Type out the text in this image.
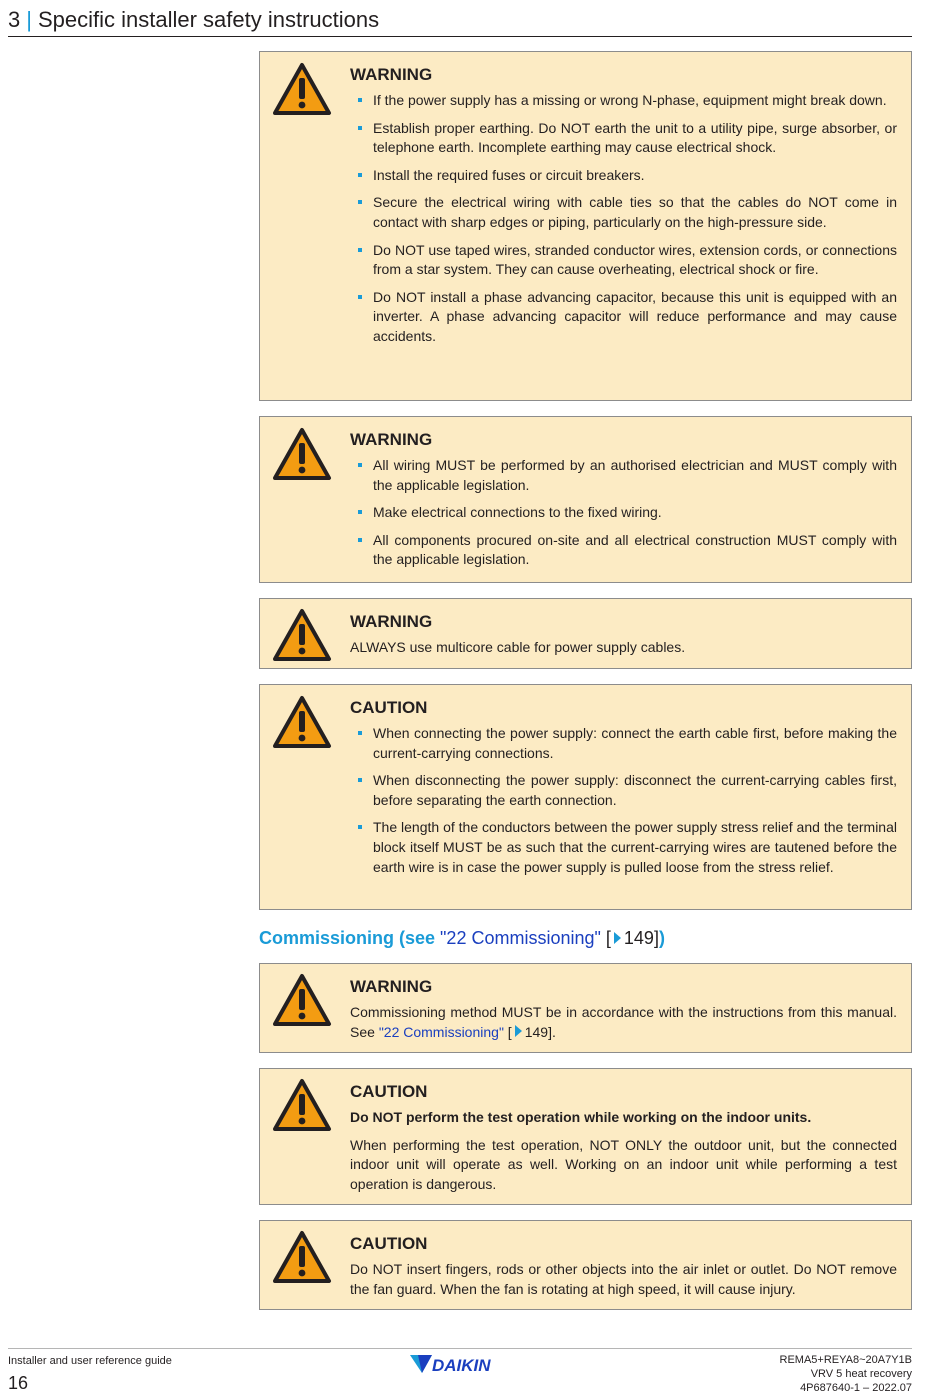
3 | Specific installer safety instructions
WARNING
If the power supply has a missing or wrong N-phase, equipment might break down.
Establish proper earthing. Do NOT earth the unit to a utility pipe, surge absorber, or telephone earth. Incomplete earthing may cause electrical shock.
Install the required fuses or circuit breakers.
Secure the electrical wiring with cable ties so that the cables do NOT come in contact with sharp edges or piping, particularly on the high-pressure side.
Do NOT use taped wires, stranded conductor wires, extension cords, or connections from a star system. They can cause overheating, electrical shock or fire.
Do NOT install a phase advancing capacitor, because this unit is equipped with an inverter. A phase advancing capacitor will reduce performance and may cause accidents.
WARNING
All wiring MUST be performed by an authorised electrician and MUST comply with the applicable legislation.
Make electrical connections to the fixed wiring.
All components procured on-site and all electrical construction MUST comply with the applicable legislation.
WARNING

ALWAYS use multicore cable for power supply cables.

CAUTION
When connecting the power supply: connect the earth cable first, before making the current-carrying connections.
When disconnecting the power supply: disconnect the current-carrying cables first, before separating the earth connection.
The length of the conductors between the power supply stress relief and the terminal block itself MUST be as such that the current-carrying wires are tautened before the earth wire is in case the power supply is pulled loose from the stress relief.
Commissioning (see "22 Commissioning" [ 149])
WARNING

Commissioning method MUST be in accordance with the instructions from this manual. See "22 Commissioning" [ 149].

CAUTION

Do NOT perform the test operation while working on the indoor units.

When performing the test operation, NOT ONLY the outdoor unit, but the connected indoor unit will operate as well. Working on an indoor unit while performing a test operation is dangerous.

CAUTION

Do NOT insert fingers, rods or other objects into the air inlet or outlet. Do NOT remove the fan guard. When the fan is rotating at high speed, it will cause injury.

Installer and user reference guide
16
DAIKIN	REMA5+REYA8~20A7Y1B
VRV 5 heat recovery
4P687640-1 – 2022.07
